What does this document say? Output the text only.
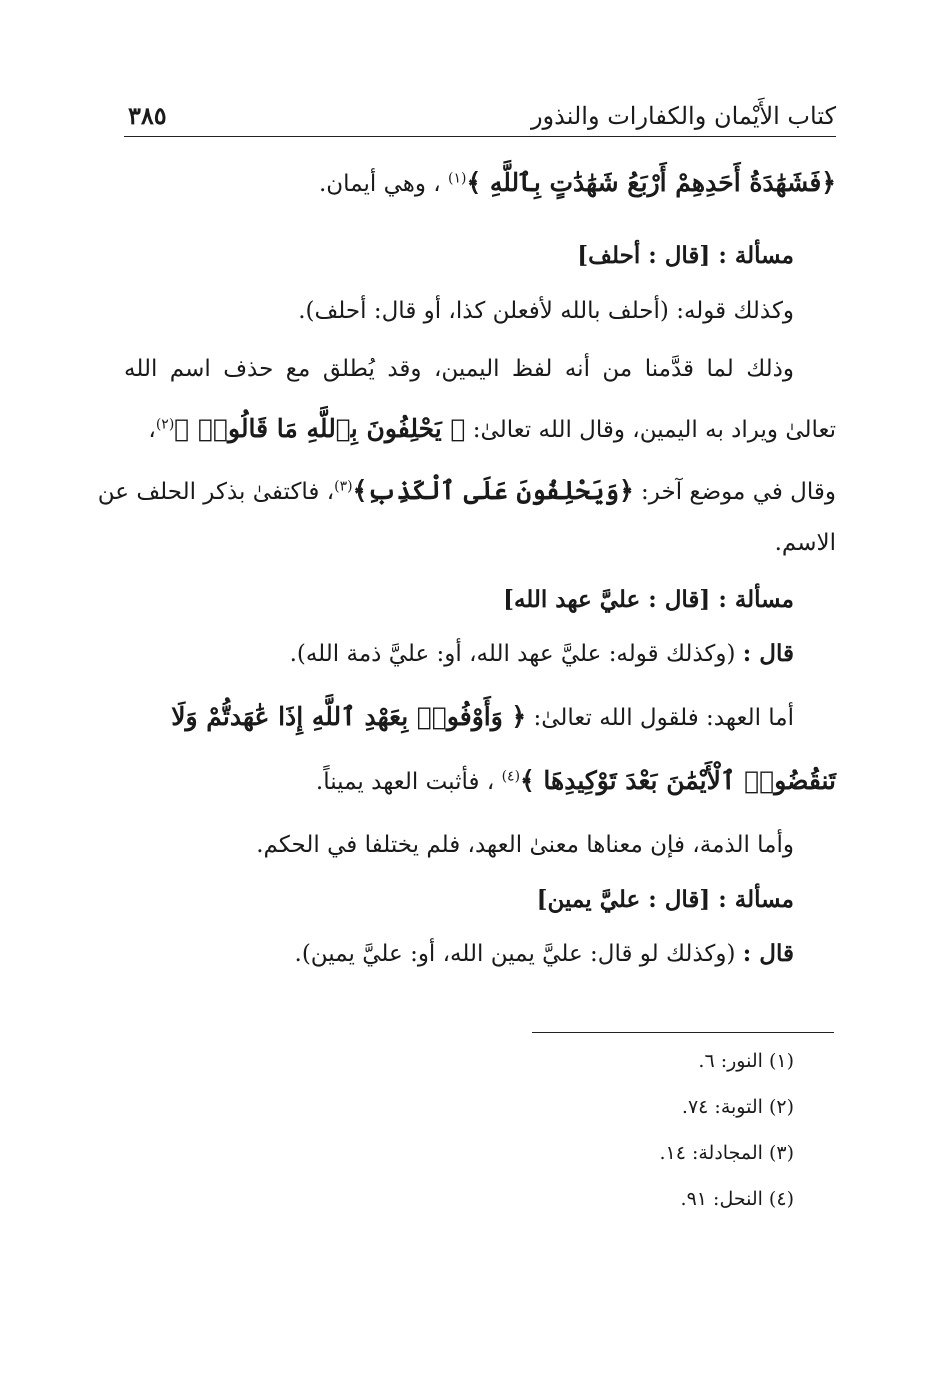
كتاب الأَيْمان والكفارات والنذور
٣٨٥
﴿فَشَهَٰدَةُ أَحَدِهِمْ أَرْبَعُ شَهَٰدَٰتٍ بِٱللَّهِ ﴾$^{(١)}$ ، وهي أيمان.
مسألة : [قال : أحلف]
وكذلك قوله: (أحلف بالله لأفعلن كذا، أو قال: أحلف).
وذلك لما قدَّمنا من أنه لفظ اليمين، وقد يُطلق مع حذف اسم الله
تعالىٰ ويراد به اليمين، وقال الله تعالىٰ: ﴿ يَحْلِفُونَ بِٱللَّهِ مَا قَالُوا۟ ﴾$^{(٢)}$،
وقال في موضع آخر: ﴿وَيَحْلِفُونَ عَلَى ٱلْكَذِبِ﴾$^{(٣)}$، فاكتفىٰ بذكر الحلف عن
الاسم.
مسألة : [قال : عليَّ عهد الله]
قال : (وكذلك قوله: عليَّ عهد الله، أو: عليَّ ذمة الله).
أما العهد: فلقول الله تعالىٰ: ﴿ وَأَوْفُوا۟ بِعَهْدِ ٱللَّهِ إِذَا عَٰهَدتُّمْ وَلَا
تَنقُضُوا۟ ٱلْأَيْمَٰنَ بَعْدَ تَوْكِيدِهَا ﴾$^{(٤)}$ ، فأثبت العهد يميناً.
وأما الذمة، فإن معناها معنىٰ العهد، فلم يختلفا في الحكم.
مسألة : [قال : عليَّ يمين]
قال : (وكذلك لو قال: عليَّ يمين الله، أو: عليَّ يمين).
(١) النور: ٦.
(٢) التوبة: ٧٤.
(٣) المجادلة: ١٤.
(٤) النحل: ٩١.
